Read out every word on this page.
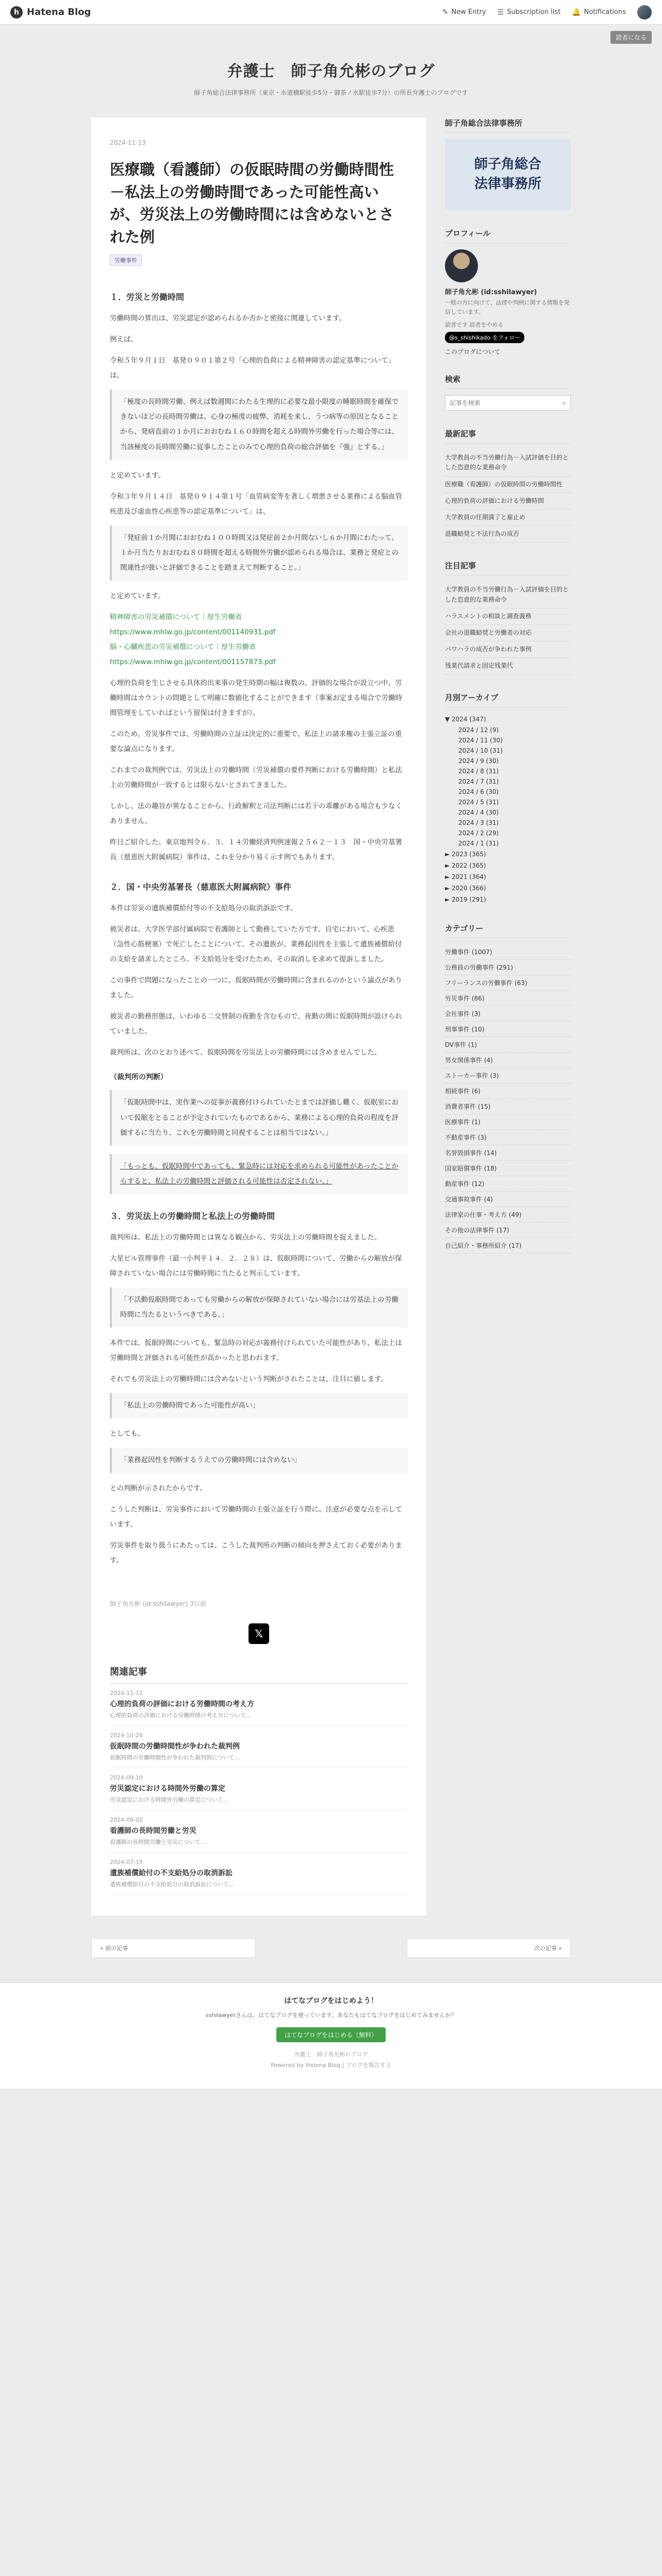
h Hatena Blog	✎ New Entry ☰ Subscription list 🔔 Notifications
読者になる
弁護士　師子角允彬のブログ
師子角総合法律事務所（東京・水道橋駅徒歩5分・御茶ノ水駅徒歩7分）の所長弁護士のブログです
2024-11-13
医療職（看護師）の仮眠時間の労働時間性－私法上の労働時間であった可能性高いが、労災法上の労働時間には含めないとされた例
労働事件
１．労災と労働時間

労働時間の算出は、労災認定が認められるか否かと密接に関連しています。

例えば、

令和５年９月１日　基発０９０１第２号「心理的負荷による精神障害の認定基準について」は、

「極度の長時間労働、例えば数週間にわたる生理的に必要な最小限度の睡眠時間を確保できないほどの長時間労働は、心身の極度の疲弊、消耗を来し、うつ病等の原因となることから、発病直前の１か月におおむね１６０時間を超える時間外労働を行った場合等には、当該極度の長時間労働に従事したことのみで心理的負荷の総合評価を『強』とする。」

と定めています。

令和３年９月１４日　基発０９１４第１号「血管病変等を著しく増悪させる業務による脳血管疾患及び虚血性心疾患等の認定基準について」は、

「発症前１か月間におおむね１００時間又は発症前２か月間ないし６か月間にわたって、１か月当たりおおむね８０時間を超える時間外労働が認められる場合は、業務と発症との関連性が強いと評価できることを踏まえて判断すること。」

と定めています。

精神障害の労災補償について｜厚生労働省
https://www.mhlw.go.jp/content/001140931.pdf
脳・心臓疾患の労災補償について｜厚生労働省
https://www.mhlw.go.jp/content/001157873.pdf

心理的負荷を生じさせる具体的出来事の発生時期の幅は複数の、評価的な場合が設立つ中、労働時間はカウントの問題として明確に数値化することができます（事案お定まる場合で労働時間管理をしていればという留保は付きますが）。

このため、労災事件では、労働時間の立証は決定的に重要で、私法上の請求権の主張立証の重要な論点になります。

これまでの裁判例では、労災法上の労働時間（労災補償の要件判断における労働時間）と私法上の労働時間が一致するとは限らないとされてきました。

しかし、法の趣旨が異なることから、行政解釈と司法判断には若干の乖離がある場合も少なくありません。

昨日ご紹介した、東京地判令６．３．１４労働経済判例速報２５６２－１３　国・中央労基署長（慈恵医大附属病院）事件は、これを分かり易く示す例でもあります。

２．国・中央労基署長（慈恵医大附属病院）事件

本件は労災の遺族補償給付等の不支給処分の取消訴訟です。

被災者は、大学医学部付属病院で看護師として勤務していた方です。自宅において、心疾患（急性心筋梗塞）で死亡したことについて、その遺族が、業務起因性を主張して遺族補償給付の支給を請求したところ、不支給処分を受けたため、その取消しを求めて提訴しました。

この事件で問題になったことの一つに、仮眠時間が労働時間に含まれるのかという論点がありました。

被災者の勤務形態は、いわゆる二交替制の夜勤を含むもので、夜勤の間に仮眠時間が設けられていました。

裁判所は、次のとおり述べて、仮眠時間を労災法上の労働時間には含めませんでした。

（裁判所の判断）
「仮眠時間中は、実作業への従事が義務付けられていたとまでは評価し難く、仮眠室において仮眠をとることが予定されていたものであるから、業務による心理的負荷の程度を評価するに当たり、これを労働時間と同視することは相当ではない。」
「もっとも、仮眠時間中であっても、緊急時には対応を求められる可能性があったことからすると、私法上の労働時間と評価される可能性は否定されない。」
３．労災法上の労働時間と私法上の労働時間

裁判所は、私法上の労働時間とは異なる観点から、労災法上の労働時間を捉えました。

大星ビル管理事件（最一小判平１４．２．２８）は、仮眠時間について、労働からの解放が保障されていない場合には労働時間に当たると判示しています。

「不活動仮眠時間であっても労働からの解放が保障されていない場合には労基法上の労働時間に当たるというべきである。」

本件では、仮眠時間についても、緊急時の対応が義務付けられていた可能性があり、私法上は労働時間と評価される可能性が高かったと思われます。

それでも労災法上の労働時間には含めないという判断がされたことは、注目に値します。

「私法上の労働時間であった可能性が高い」

としても、

「業務起因性を判断するうえでの労働時間には含めない」

との判断が示されたからです。

こうした判断は、労災事件において労働時間の主張立証を行う際に、注意が必要な点を示しています。

労災事件を取り扱うにあたっては、こうした裁判所の判断の傾向を押さえておく必要があります。

師子角允彬 (id:sshilawyer) 3日前
𝕏
関連記事
2024-11-12
心理的負荷の評価における労働時間の考え方
心理的負荷の評価における労働時間の考え方について...
2024-10-28
仮眠時間の労働時間性が争われた裁判例
仮眠時間の労働時間性が争われた裁判例について...
2024-09-10
労災認定における時間外労働の算定
労災認定における時間外労働の算定について...
2024-08-02
看護師の長時間労働と労災
看護師の長時間労働と労災について...
2024-07-19
遺族補償給付の不支給処分の取消訴訟
遺族補償給付の不支給処分の取消訴訟について...
師子角総合法律事務所
師子角総合法律事務所
プロフィール
師子角允彬 (id:sshilawyer)
一般の方に向けて、法律や判例に関する情報を発信しています。
読者です 読者をやめる
@s_shishikado をフォロー
このブログについて
検索
記事を検索
⌕
最新記事
大学教員の不当労働行為－入試評価を目的とした恣意的な業務命令
医療職（看護師）の仮眠時間の労働時間性
心理的負荷の評価における労働時間
大学教員の任期満了と雇止め
退職勧奨と不法行為の成否
注目記事
大学教員の不当労働行為－入試評価を目的とした恣意的な業務命令
ハラスメントの相談と調査義務
会社の退職勧奨と労働者の対応
パワハラの成否が争われた事例
残業代請求と固定残業代
月別アーカイブ
▼ 2024 (347)
2024 / 12 (9)
2024 / 11 (30)
2024 / 10 (31)
2024 / 9 (30)
2024 / 8 (31)
2024 / 7 (31)
2024 / 6 (30)
2024 / 5 (31)
2024 / 4 (30)
2024 / 3 (31)
2024 / 2 (29)
2024 / 1 (31)
► 2023 (365)
► 2022 (365)
► 2021 (364)
► 2020 (366)
► 2019 (291)
カテゴリー
労働事件 (1007)
公務員の労働事件 (291)
フリーランスの労働事件 (63)
労災事件 (86)
会社事件 (3)
刑事事件 (10)
DV事件 (1)
男女関係事件 (4)
ストーカー事件 (3)
相続事件 (6)
消費者事件 (15)
医療事件 (1)
不動産事件 (3)
名誉毀損事件 (14)
国家賠償事件 (18)
動産事件 (12)
交通事故事件 (4)
法律家の仕事・考え方 (49)
その他の法律事件 (17)
自己紹介・事務所紹介 (17)
« 前の記事	次の記事 »
はてなブログをはじめよう！
sshilawyerさんは、はてなブログを使っています。あなたもはてなブログをはじめてみませんか？
はてなブログをはじめる（無料）
弁護士　師子角允彬のブログ
Powered by Hatena Blog | ブログを報告する
